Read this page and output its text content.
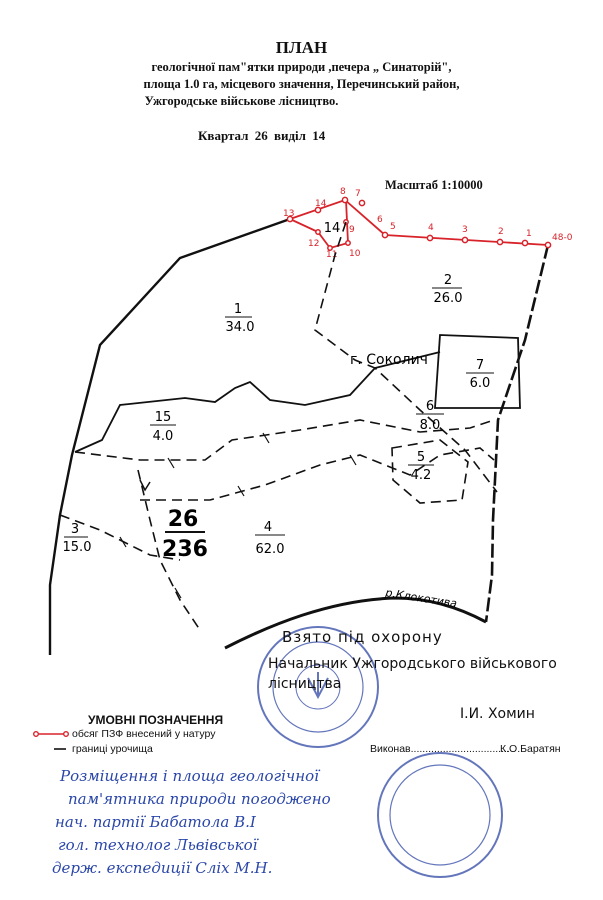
ПЛАН
геологічної пам"ятки природи ,печера „ Синаторій",
площа 1.0 га, місцевого значення, Перечинський район,
Ужгородське військове лісництво.
Квартал 26 виділ 14
Масштаб 1:10000
р.Клокотива
1
2
3
4
5
6
7
8
9
10
11
12
13
14
48-0
1
34.0
2
26.0
3
15.0
4
62.0
5
4.2
6
8.0
7
6.0
14
15
4.0
г. Соколич
26
236
Взято під охорону
Начальник Ужгородського військового
лісництва
І.И. Хомин
УМОВНІ ПОЗНАЧЕННЯ
обсяг ПЗФ внесений у натуру
границі урочища	Виконав..................................
К.О.Баратян
Розміщення і площа геологічної
пам'ятника природи погоджено
нач. партії Бабатола В.І
гол. технолог Львівської
держ. експедиції Сліх М.Н.
